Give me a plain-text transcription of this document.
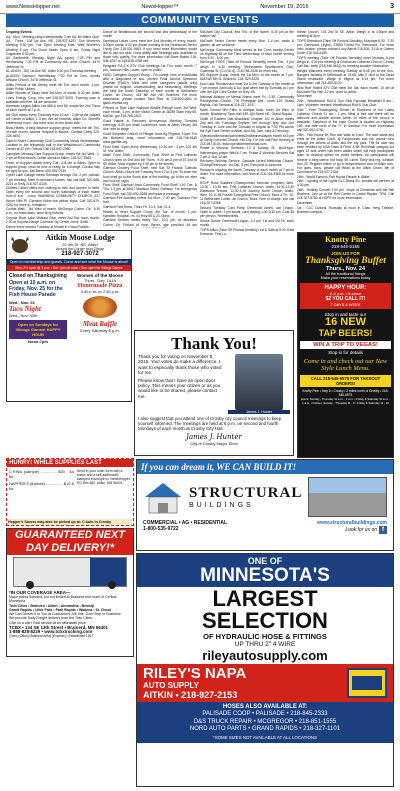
www.NewsHopper.net	NewsHopper™	November 19, 2016	3
COMMUNITY EVENTS

Ongoing Events:

AA - Mon - Meeting closed Wednesday 3 pm Ait- kin Alano Club.

AA - Thurs., 106 1st Ave. NE, 218-927-4297. Sun Women's Meeting 5:30 pm, Tue Open Meeting East, Wed Women's Meeting 5 pm, Thu Good Seeds Open 8 am, Friday Night Grapevine 6:30 pm.

Alt Gardeners' Monday Night AA (open) 7:30 PM and Wednesday 7:30 PM at Community Alli- ance Church, 6470 Jefferson St.

AL-ANON - 320 1st Ave NE, Aitkin 6:30 pm Thursday meeting.

ALANON Garrison: Wednesday 7:00 PM at Com- munity Mission Church, 3478 Jefferson St.

Aitkin Friends of the Library meet 4th Tue. each month, 1 pm, Aitkin Public Library.

Aitkin Women of Today meet 3rd Mon. of month, 6:30 pm, Aitkin Lions Energy Coop, info call 218-927-4009. Evening care is available and free, all are welcome.

American Legion Aitkin Lee #86 & Unit 86, meets the 2nd Thurs of each month at 7 p.m.

Art Club meets every Thursday from 10 am - 2 pm at the Jaques Art Center in Aitkin, 1-3 pm. Are an informal, Aitkin Co. Sheriff's conference room. Use back door on the south side.

Blow-Hearts, a long distance support group, meets the 4th Thu. of each month, Access Hospital in Moose, Contact Cathy 320-225-5600.

Care N Share Community Club Community Meals Wednesdays. Located in the fellowship hall in the Wealthwood Community Center at 12 pm. Potluck Call 218-692-2080.

Caregiver Memory Care Support Group, meets the 3rd Wed., 1-2 pm at Riverwood's Center direction Aitkin. 218-927-5583.

Order of Support meets every Tue., 6-8 pm in Aitkin. Open to support group, must be new or ready for a change. Cordial may be right for you, call Brent, 605-591-0730.

Cyber Lake Garage meets Sundays through Oct. 2 pm. potluck, 7 pm meeting. Meet in member's homes. Info call Vaill, 320-685-3224 or Kelly 218-927-6105.

Clothes Closet offers free clothing to men and women in need. Open every the second and fourth Saturdays of each month from 8 a.m. - noon. WARMING COMMUNITY CHURCH, 627 Huron Hills Pl, Garrison follow the yellow signs. Call 320-679-0262 for more in- formation.

Cookie Walk - 3rd Wed of month, McGregor Comm. Ctr., 5:30 p.m., no restrictions, done terry buttons.

Cuyuna Rock Lake Mideast Club, meet 2nd Sat. each month, 2:30 at Cuyuna Range Commun- ity Center, Irene' Swell.

Dance every second Tuesday at Moose in Grand Rapids.

Dance at Wealthwood the second and last Wednesday of the month.

Deerwood Lakes Lions meet the 2nd Monday of every month, 5:00pm social, 6:00 pm dinner meeting at the Heartwood Senior Living Cen 218-931-9463. If you need more information would like to join our club. Lions ability-able hearings aids available to those who qualify. For more information call Dave Bakes 218- 546-5257 or 218-838-4768 cell.

Emigrant P.A.C.K ATV Club meetings 1st Thu. each month, 7 pm, Jackson Hills. Lower, open to public.

FASD Caregiver Support Group - For caregi- vers of individuals with a diagnosed or sus- pected Fetal Alcohol Spectrum Disorder (FASD). Meet with other caregivers (adults only) please for support, understanding, and networking. Meetings are held the fourth Saturday of each month at Bethlehem Luther- an Church, 418 8th Ave NE, Brainerd. For more information, please contact Tiera Rice, at 218-820-0661 or tjamb-thomta.org.

Friends of Rice Lake National Wildlife Refuge meet 3rd Wed. each month, 1 pm, at the Visitor Center at 36289 State Hwy 65, McGre- gor 218-768-2402.

Good Habits in Recovery Anonymous Meeting Tuesday evenings, 6:30 pm small conference room at Aitkin Library 3rd Ave, free to weigh.

Good Shepherd Church of Pillager hosts Ag Pilgrims, 12pm. For the Brainerd area, more information call 218-746-4545 www.gschills.org.

Food Shelf- Open every Wednesday, 10:30 am - 3 pm, 102 4th St. NW, Aitkin.

Aitkin Food Shelf, Community Food Shelf at First Lutheran Church open on 2nd and 4th Thurs., 9:30 am-5 pm at 57 2nd St SE Aitkin. Must register by 4:45 pm to be served.

Garrison Grocery Food Shelf, next Sat. St Francis' Catholic Church, Aitkin. Hours are Tuesday from 12 to 3 pm. To enter the food shelf go to the South side of the building, go to the sh- elter and look for signs.

Food Shelf Garrison Area Community Food Shelf 1:00 Tue. & Thu. 1-3 pm, at 36417 Madison Street, Garrison. For emergency Food Shelf, call 320-692-5288 and leave a message.

Garrison Fire Auxiliary meets 3rd Mon., 7:30 pm, Garrison Fire Hall.

Garrison Flea Show, Thurs Fri. 10-4, Sat. 11-4.

Hearts to Heart Support Group, 4th Tue. of month, 2 pm, Kanabec Hospital, rm. #1 Hwy 65 & 23, Mora.

Garrison Seniors meets every Thu., 10-2 pm, at Jacobson Comm. Ctr. Potluck at noon. Bever- age provided. All are

McGrath City Council, first Thu. of the month, 6:30 pm at the station hall.

McGrath Senior Center meets every Mon. 1-4 pm, cards & games, all are welcome.

McGregor Community Meal served at the Com- munity Center on Highway 65 on the Third Wednesday of each month serving from 5:30 - 6:00 pm.

McGregor TOPS (Take off Pounds Sensibly) meets Thu., 4 pm weigh in, 4:30 meeting, Minnewawa Sportsman's Club, Godemak St. (Co Rd. 6). 218-768-2538 for more info.

MS Support Group, meets the 1st Mon. of the month at 7 pm, 608 NW 5th St, Brainerd. 218- 829-5325.

Mud Lake Rendezvous meet 1st & 3rd Tuesday of the month at 7 pm except June/July & Au- gust when met by Tuesday at 7 pm over the Eye Care Center on Hwy. 65.

National Alliance on Mental Illness meet Fri., 2:30, Community Presbyterian Church, 703 Pineapple Ave., room 120, Grand Rapids. Call Tamara at 218-327-3247.

North Central MN Farm & Antique Assn. meet 1st Wed. of month, Blackberry Town Hall 189, 6th Street NE, Grand Rapids.

Order of Eastern Star-Woodland Chapter 102 in Aitkin meets 2nd and 4th Tuesdays Septem- ber through May and 2nd Tuesday in June and 4th Tuesday in August at 7:30 PM above the Eye Care Center in Aitkin. Ann Aly, Jam- uary & February.

OperationMemoria/Noonmeets3rdWednesdaynth month at 5 pm at Trinity Lutheran Church, Hill City. For info call Paul Heaney at 218-697-8104, www.operationmemoriaal.com.

Pease & Worship Services, 10 & Sunday St., McGregor. Intercessory prayer Wed 6-7 pm. Praise & Worship Services Sat 2 pm & Sun 10 am.

Recovery Worship Service, Cascade United Methodist Church, Crosby/Deerwood, 1st Sat., 5 pm. Everyone is welcome.

Rosary is ongoing the fourth Tuesday of each month at 7 pm in Aitkin. For more information, call Jean at 218-764-3965 for more info.

RSVP Rose Buddies (Osteoporosis exercise program) Wed. 10:00 - 10:45 am, First Lutheran Church, Aitkin, 11:30-12:30 Eastwood Terrace, 12:30-1:45 Journey North Church, Aitkin; Wed. 10-11 Mt Frazier Evangelical Free Church, Mora & Fri. 10-11 Bethlehem Luther- an Church, Mora. Free of charge. Info call 218-927-5356.

Second Tuesday Card Party, Deerwood Ameri- can Legion. Open to public, 1 pm social, card playing 1:30-3:30 pm. Cost $3 per person. Refreshments.

Senior Dance, Deerwood Legion, 1-4 pm, 1st and 3rd Fri. each month.

TOPS Aitkin (Take Off Pounds Sensibly) 1st & Sats at 5:30. East Entrance, First Lu-

theran Church, 101 2nd St SE, Aitkin. Weigh in at 4:30pm and meeting at 5pm.

TOPS Deerwood (Take Off Pounds Sensibly) Mondays 6:30 - 7:30 pm, Deerwood Legion, 23650 Forest Rd, Deerwood. For more infor- mation, please contact Lucy Barrot 218-839- 2218 or Gwenn Smith 218-546-5185.

TOPS meeting (Take Off Pounds Sensibly) meet Monday, 5 pm weigh-in, 4:30 pm meeting at Emmanuel Lutheran Church, County Call Bar- bertil (218-546-6632) for meeting location information.

Weight Watchers every meeting Sunday at 5:45 pm at the Sno-Bangers building in Deerwood at 24181 Mile 0 next to the Dead Stand restaurant. Weigh in begins at 5:15 pm. For more information, call 218-820-6132.

Wild Rice Riders ATV Club meet 3rd Sat. each month, 10 am at McGrath Fire Hall, 10 am, open to public.

November

20th - Wealthwood Rod & Gun Club Pancake Breakfast 8 am – 1pm. Volunteer needed! Wealthwood Rod & Gun Club.

24th - Free Thanksgiving Dinner at Shepherd of the Lakes Lutheran Church 11 am - 1 pm. Meal is free and there will be takeouts and shuttle service within 10 miles of the church is available. Shepherd of the Lake Church is located on Highway 169, one mile north of the "Y" in Garrison. For more information call 320-692-4740.

25th - Fish House 5K Run and Walk at 9 am. The race starts and ends at the Aitkin Coun- ty Fairgrounds and the course runs through the streets of Aitkin and the city park. The 5k race has been certified by USA Track & Field. A 5K Run/Walk category for ages 12 and under has been added which will help participants learn or develop speed for entire families. All participants will receive a long sleeve hot hoop 5K t-shirt. Early bird reg- istration Nov 23. Register online or go to fishyouthconn.com or Aitkin.com. For ques- tions, please call Brian at the Aitkin Cham- ber of Commerce at 218-927-2316.

26th - World Famous Fish House Parade in Aitkin!

26th - Lighting of the Lights CLC Brass En- semble will perform at 4:30 pm.

26th - Holiday Concert 7:00 pm - Hope of Christmas with the Bell Brothers. Join us at the Reif Center in Grand Rapids, 7PM. Call 218-327-5780 or HOPE for more information.

December

1st - CLC Cultural Thursday at noon in Chan- berg Theatre, Brainerd campus.

Aitkin Moose Lodge
22 4th St. NE, Aitkin
Around the Corner from Cheap
218-927-3072
Open to membership and guests. Come and see what the Moose is about!
Mon.-Fri. open @ 3 p.m. • Sat. open at noon • Sun. open for Vikings Games
Closed on Thanksgiving
Open at 10 a.m. on Friday, Nov. 25 for the Fish House Parade
Wed., Nov. 23
Taco Night
Wed., Nov. 30th
Open on Sundays for Vikings Games! HAPPY HOUR
Noon-7pm
Women of the Moose
Thurs., Dec. 1&15
Homemade Pizza
3:30 p.m. to 7:30 p.m.
Meat Raffle
Every Saturday 5 p.m.
Thank You!

Thank you for voting on November 8, 2016. Your votes do make a difference. I want to especially thank those who voted for me.

Please know that I have an open door policy. This means your citizen or as you would like to be shared, please contact me.

James J. Hunter

I also suggest that you attend one of Crosby city council meetings to keep yourself informed. The meetings are held at 6 p.m. on second and fourth Mondays of each month at Crosby City Hall.

James J. Hunter
City of Crosby Mayor Elect
HURRY! WHILE SUPPLIES LAST
C FINIL (sample) ............... $20 for
14
NAPPER'S (frames) ............... $10 for
5
Send in your order form with a check and a self-addressed stamped envelope to: NewsHopper PO Box 562, Aitkin, MN 56431
Hopper's Savers may also be picked up at: C Auto in Crosby
GUARANTEED NEXT
DAY DELIVERY!*
*IN OUR COVERAGE AREA—
Major points included, but not limited to Brainerd and much of Central Minnesota
Twin Cities • Brainerd • Aitkin • Alexandria • Bemidji
Grand Rapids • Little Falls • Park Rapids • Wadena • St. Cloud
We Can Deliver It to You at Contractors Job Site, Door Step or Business
We provide Daily Freight delivery from the Twin Cities.
Give us a call • Fast service at an affordable price:
TCBX • 134 SE 13th Street • Brainerd, MN 56401
1-888-828-8229 • www.tcbxtrucking.com
(Twin) (Cities) (Brainerd Area) (Express) • Established 1907
Knotty Pine
218-546-5155
JOIN US FOR
Thanksgiving Buffet
Thurs., Nov. 24
All the traditional fixings
Make your reservations today
HAPPY HOUR:
2-4 p.m. • 9-close
$2 YOU CALL IT!
7 DAYS A WEEK
Stop in and taste our
16 NEW
TAP BEERS!
WIN A TRIP TO VEGAS!
Stop in for details
Come in and check out our New Style Lunch Menu.
CALL 218-546-6575 FOR TAKEOUT ORDERS!
Knotty Pine • Hwy 6 • Crosby • 2 miles north of Crosby • 218-546-6575
Hours: Sunday - Thursday 11 a.m. - 1 a.m. • Friday & Saturday 11 a.m. - 1 a.m. • Kitchen: Sunday - Thursday 11 - 9 • Friday & Saturday 11 - 10
If you can dream it, WE CAN BUILD IT!
STRUCTURAL
BUILDINGS
COMMERCIAL • AG • RESIDENTIAL
1-800-535-9722
www.structuralbuildings.com
Look for us on f
ONE OF
MINNESOTA'S
LARGEST
SELECTION
OF HYDRAULIC HOSE & FITTINGS
UP THRU 2" 4 WIRE
rileyautosupply.com
RILEY'S NAPA
AUTO SUPPLY
AITKIN • 218-927-2153
HOSES ALSO AVAILABLE AT:
PALISADE COOP • PALISADE • 218-845-2333
D&S TRUCK REPAIR • MCGREGOR • 218-851-1555
NORD AUTO PARTS • GRAND RAPIDS • 218-327-1101
*SOME SIZES NOT AVAILABLE AT ALL LOCATIONS
